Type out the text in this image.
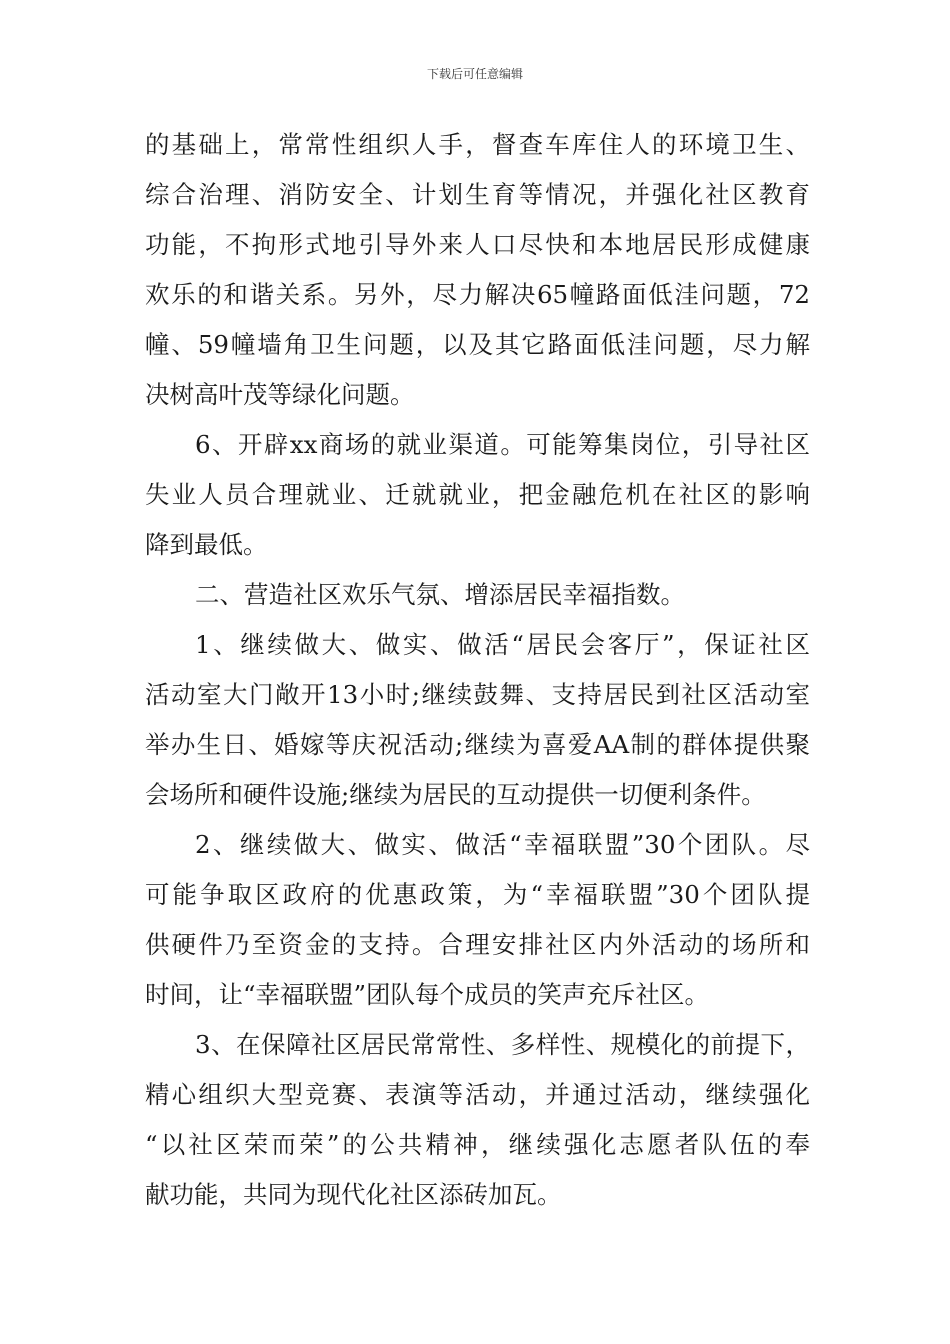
下载后可任意编辑
的基础上，常常性组织人手，督查车库住人的环境卫生、
综合治理、消防安全、计划生育等情况，并强化社区教育
功能，不拘形式地引导外来人口尽快和本地居民形成健康
欢乐的和谐关系。另外，尽力解决65幢路面低洼问题，72
幢、59幢墙角卫生问题，以及其它路面低洼问题，尽力解
决树高叶茂等绿化问题。
6、开辟xx商场的就业渠道。可能筹集岗位，引导社区
失业人员合理就业、迁就就业，把金融危机在社区的影响
降到最低。
二、营造社区欢乐气氛、增添居民幸福指数。
1、继续做大、做实、做活“居民会客厅”，保证社区
活动室大门敞开13小时;继续鼓舞、支持居民到社区活动室
举办生日、婚嫁等庆祝活动;继续为喜爱AA制的群体提供聚
会场所和硬件设施;继续为居民的互动提供一切便利条件。
2、继续做大、做实、做活“幸福联盟”30个团队。尽
可能争取区政府的优惠政策，为“幸福联盟”30个团队提
供硬件乃至资金的支持。合理安排社区内外活动的场所和
时间，让“幸福联盟”团队每个成员的笑声充斥社区。
3、在保障社区居民常常性、多样性、规模化的前提下，
精心组织大型竞赛、表演等活动，并通过活动，继续强化
“以社区荣而荣”的公共精神，继续强化志愿者队伍的奉
献功能，共同为现代化社区添砖加瓦。
